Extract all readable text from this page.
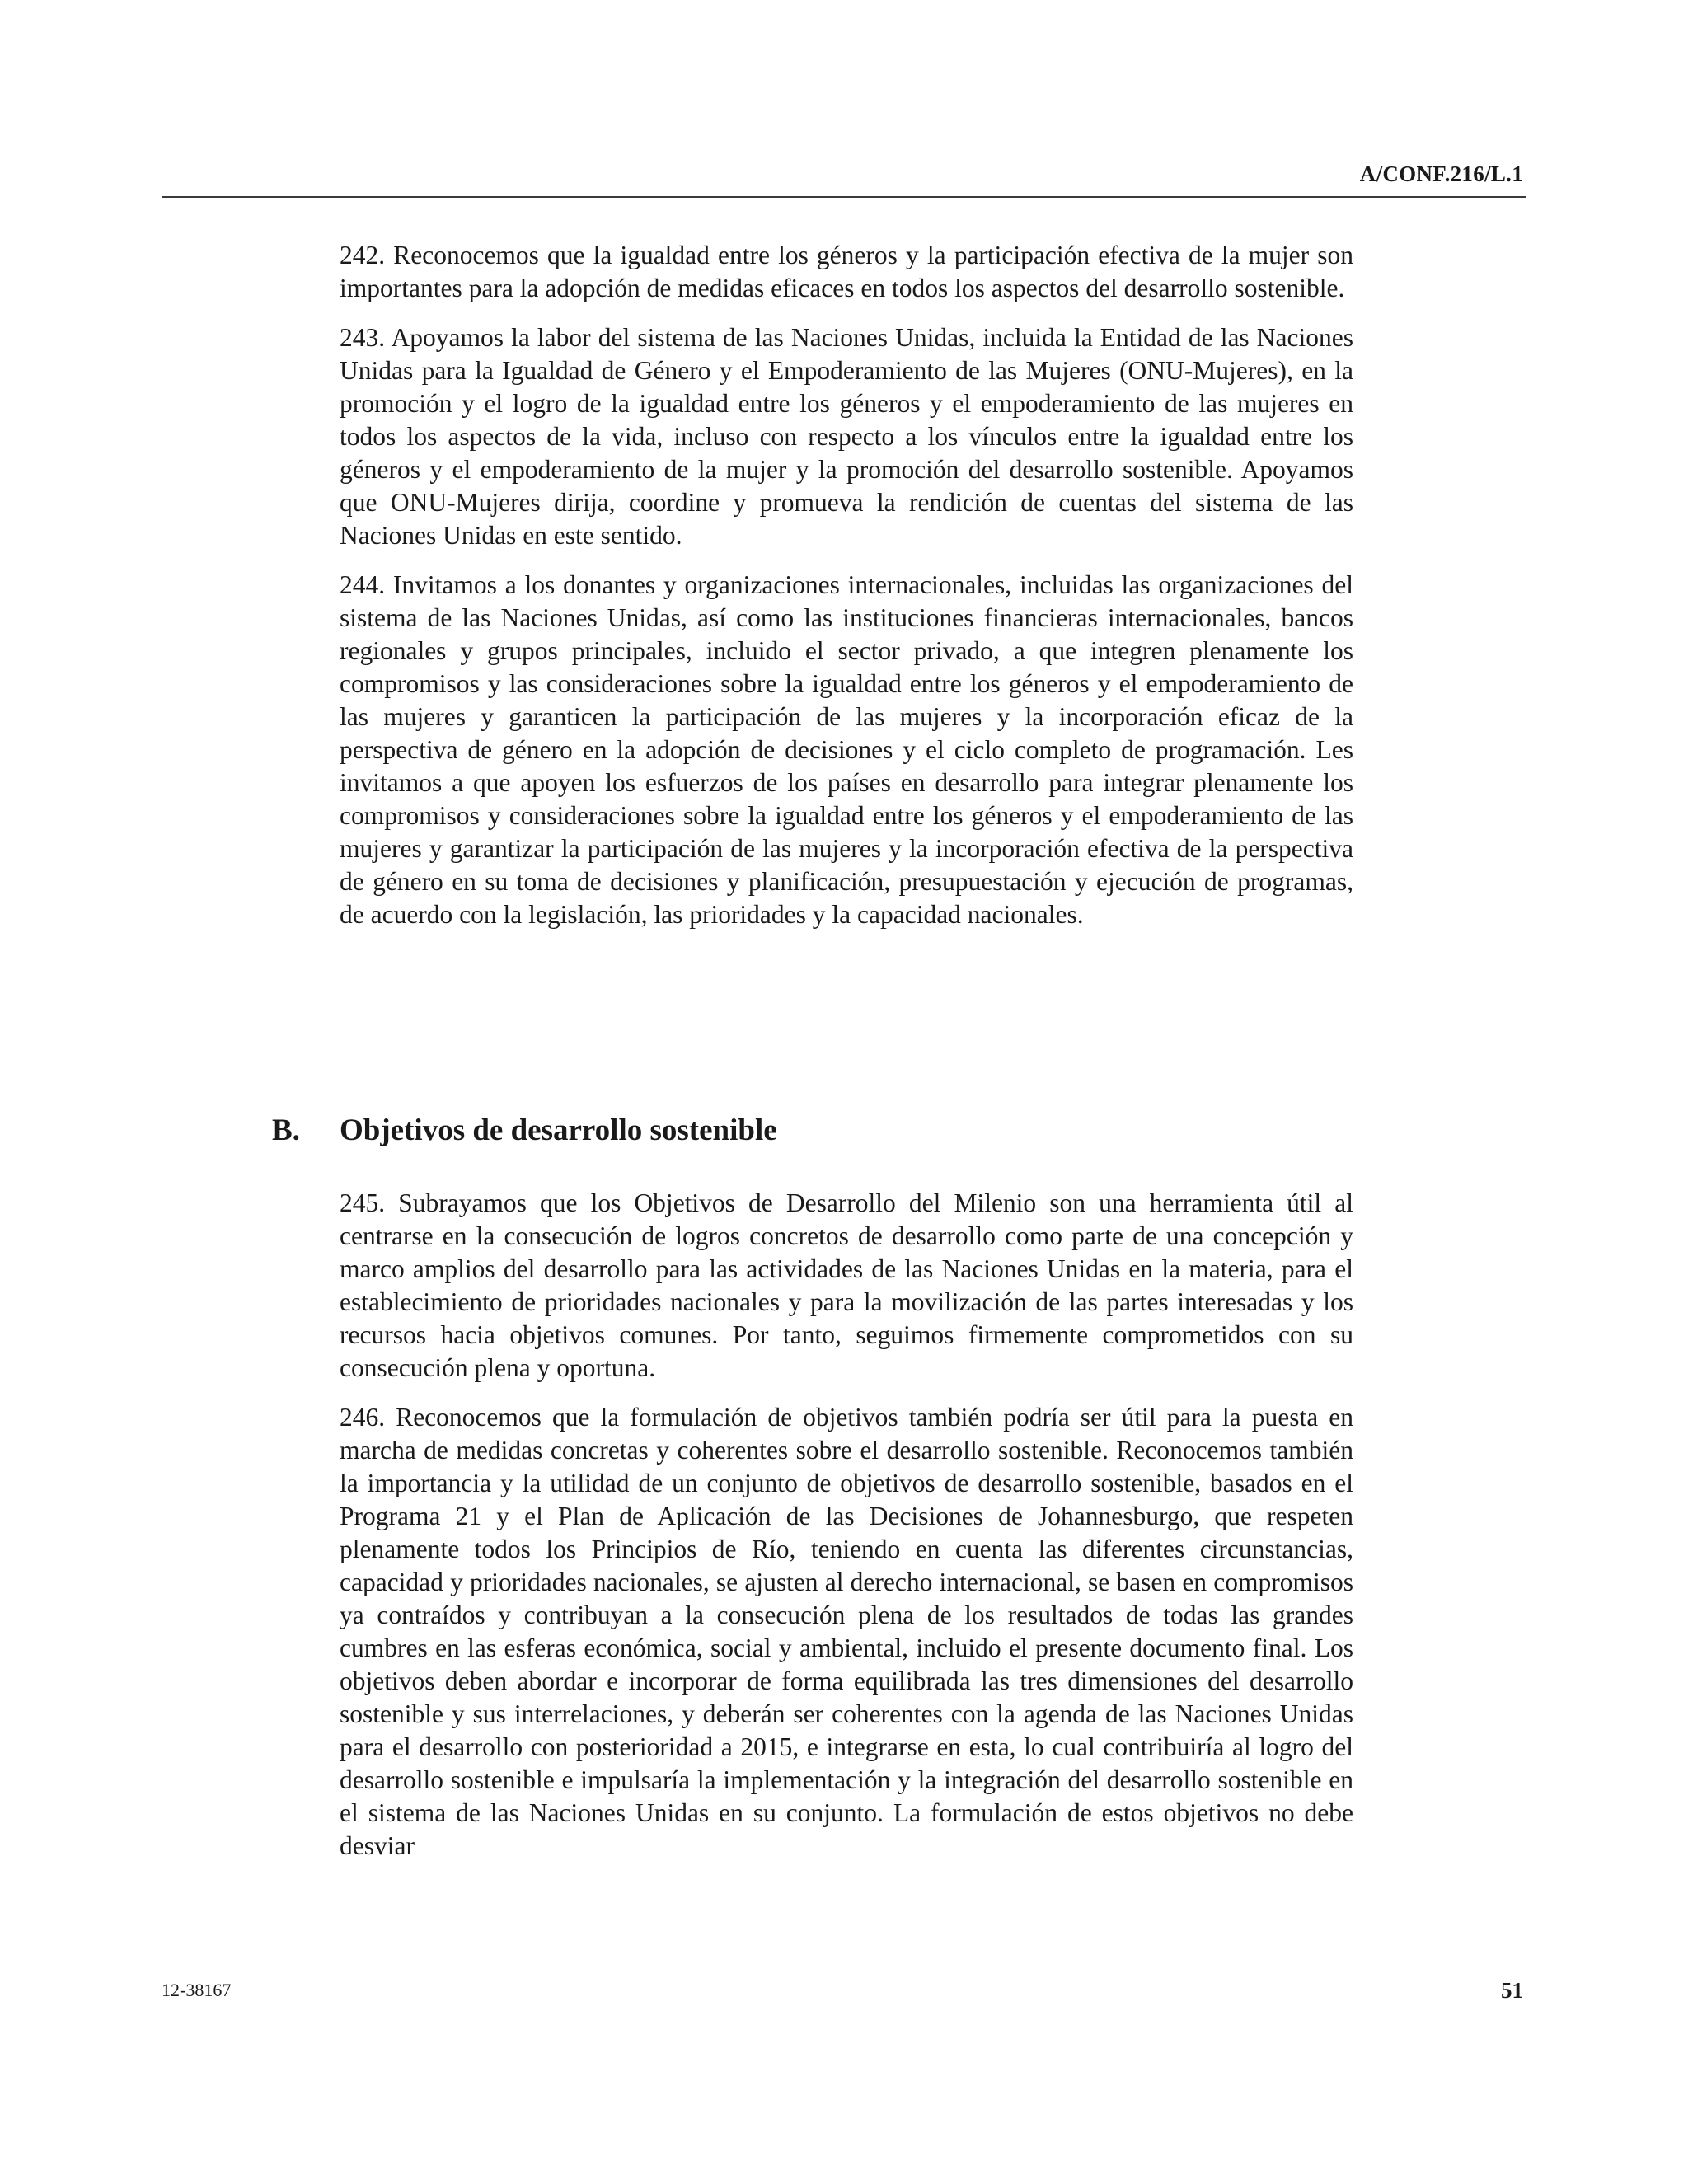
A/CONF.216/L.1

242. Reconocemos que la igualdad entre los géneros y la participación efectiva de la mujer son importantes para la adopción de medidas eficaces en todos los aspectos del desarrollo sostenible.

243. Apoyamos la labor del sistema de las Naciones Unidas, incluida la Entidad de las Naciones Unidas para la Igualdad de Género y el Empoderamiento de las Mujeres (ONU-Mujeres), en la promoción y el logro de la igualdad entre los géneros y el empoderamiento de las mujeres en todos los aspectos de la vida, incluso con respecto a los vínculos entre la igualdad entre los géneros y el empoderamiento de la mujer y la promoción del desarrollo sostenible. Apoyamos que ONU-Mujeres dirija, coordine y promueva la rendición de cuentas del sistema de las Naciones Unidas en este sentido.

244. Invitamos a los donantes y organizaciones internacionales, incluidas las organizaciones del sistema de las Naciones Unidas, así como las instituciones financieras internacionales, bancos regionales y grupos principales, incluido el sector privado, a que integren plenamente los compromisos y las consideraciones sobre la igualdad entre los géneros y el empoderamiento de las mujeres y garanticen la participación de las mujeres y la incorporación eficaz de la perspectiva de género en la adopción de decisiones y el ciclo completo de programación. Les invitamos a que apoyen los esfuerzos de los países en desarrollo para integrar plenamente los compromisos y consideraciones sobre la igualdad entre los géneros y el empoderamiento de las mujeres y garantizar la participación de las mujeres y la incorporación efectiva de la perspectiva de género en su toma de decisiones y planificación, presupuestación y ejecución de programas, de acuerdo con la legislación, las prioridades y la capacidad nacionales.

B.	Objetivos de desarrollo sostenible

245. Subrayamos que los Objetivos de Desarrollo del Milenio son una herramienta útil al centrarse en la consecución de logros concretos de desarrollo como parte de una concepción y marco amplios del desarrollo para las actividades de las Naciones Unidas en la materia, para el establecimiento de prioridades nacionales y para la movilización de las partes interesadas y los recursos hacia objetivos comunes. Por tanto, seguimos firmemente comprometidos con su consecución plena y oportuna.

246. Reconocemos que la formulación de objetivos también podría ser útil para la puesta en marcha de medidas concretas y coherentes sobre el desarrollo sostenible. Reconocemos también la importancia y la utilidad de un conjunto de objetivos de desarrollo sostenible, basados en el Programa 21 y el Plan de Aplicación de las Decisiones de Johannesburgo, que respeten plenamente todos los Principios de Río, teniendo en cuenta las diferentes circunstancias, capacidad y prioridades nacionales, se ajusten al derecho internacional, se basen en compromisos ya contraídos y contribuyan a la consecución plena de los resultados de todas las grandes cumbres en las esferas económica, social y ambiental, incluido el presente documento final. Los objetivos deben abordar e incorporar de forma equilibrada las tres dimensiones del desarrollo sostenible y sus interrelaciones, y deberán ser coherentes con la agenda de las Naciones Unidas para el desarrollo con posterioridad a 2015, e integrarse en esta, lo cual contribuiría al logro del desarrollo sostenible e impulsaría la implementación y la integración del desarrollo sostenible en el sistema de las Naciones Unidas en su conjunto. La formulación de estos objetivos no debe desviar

12-38167	51
